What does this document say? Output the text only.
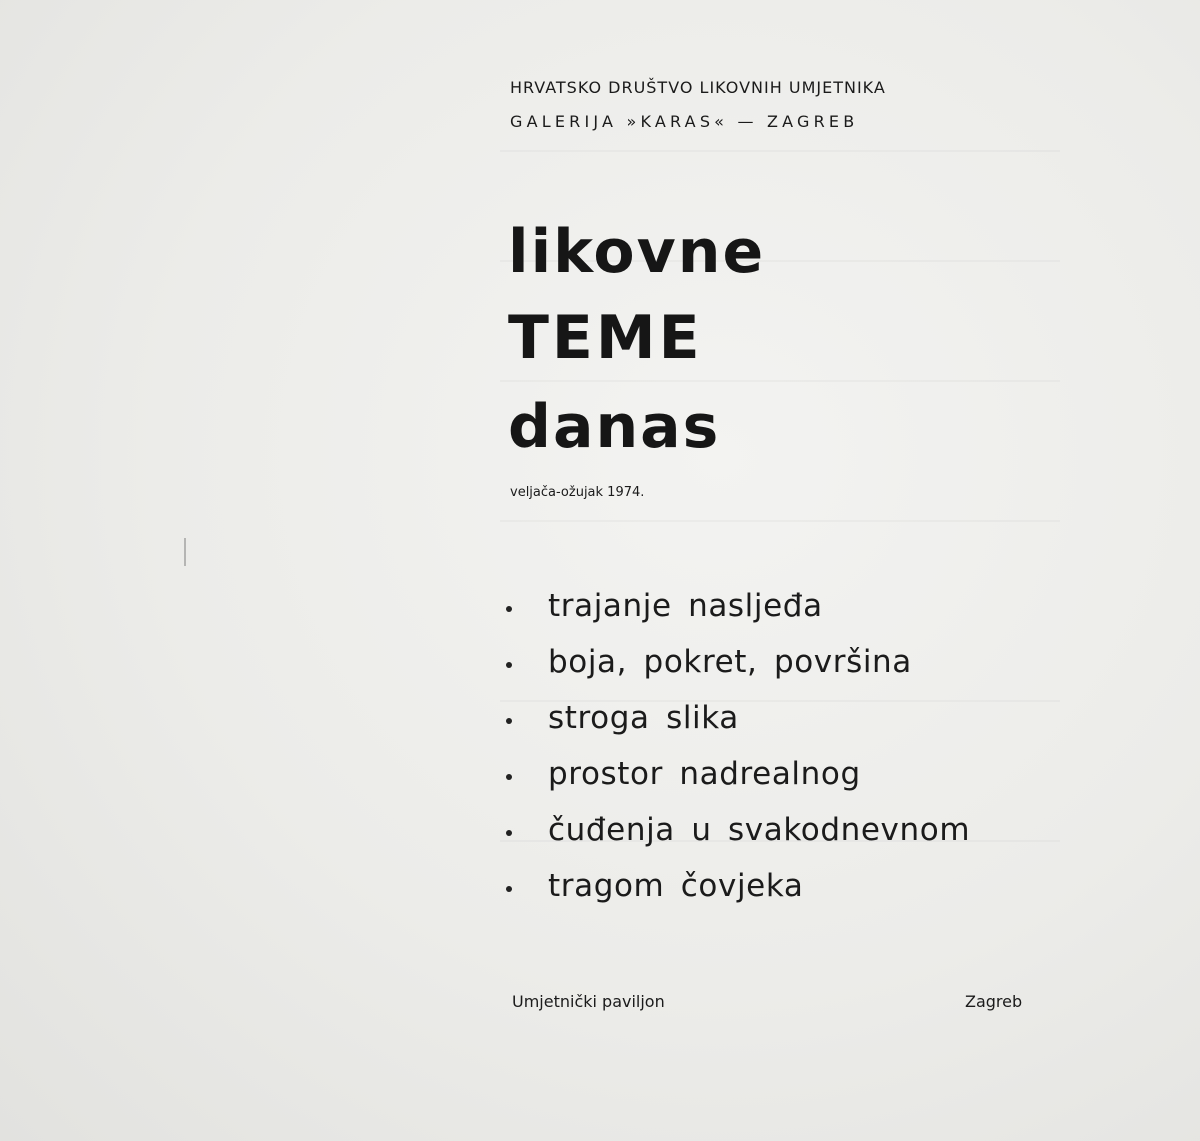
HRVATSKO DRUŠTVO LIKOVNIH UMJETNIKA
GALERIJA »KARAS« — ZAGREB
likovne
TEME
danas
veljača-ožujak 1974.
trajanje nasljeđa
boja, pokret, površina
stroga slika
prostor nadrealnog
čuđenja u svakodnevnom
tragom čovjeka
Umjetnički paviljon	Zagreb
